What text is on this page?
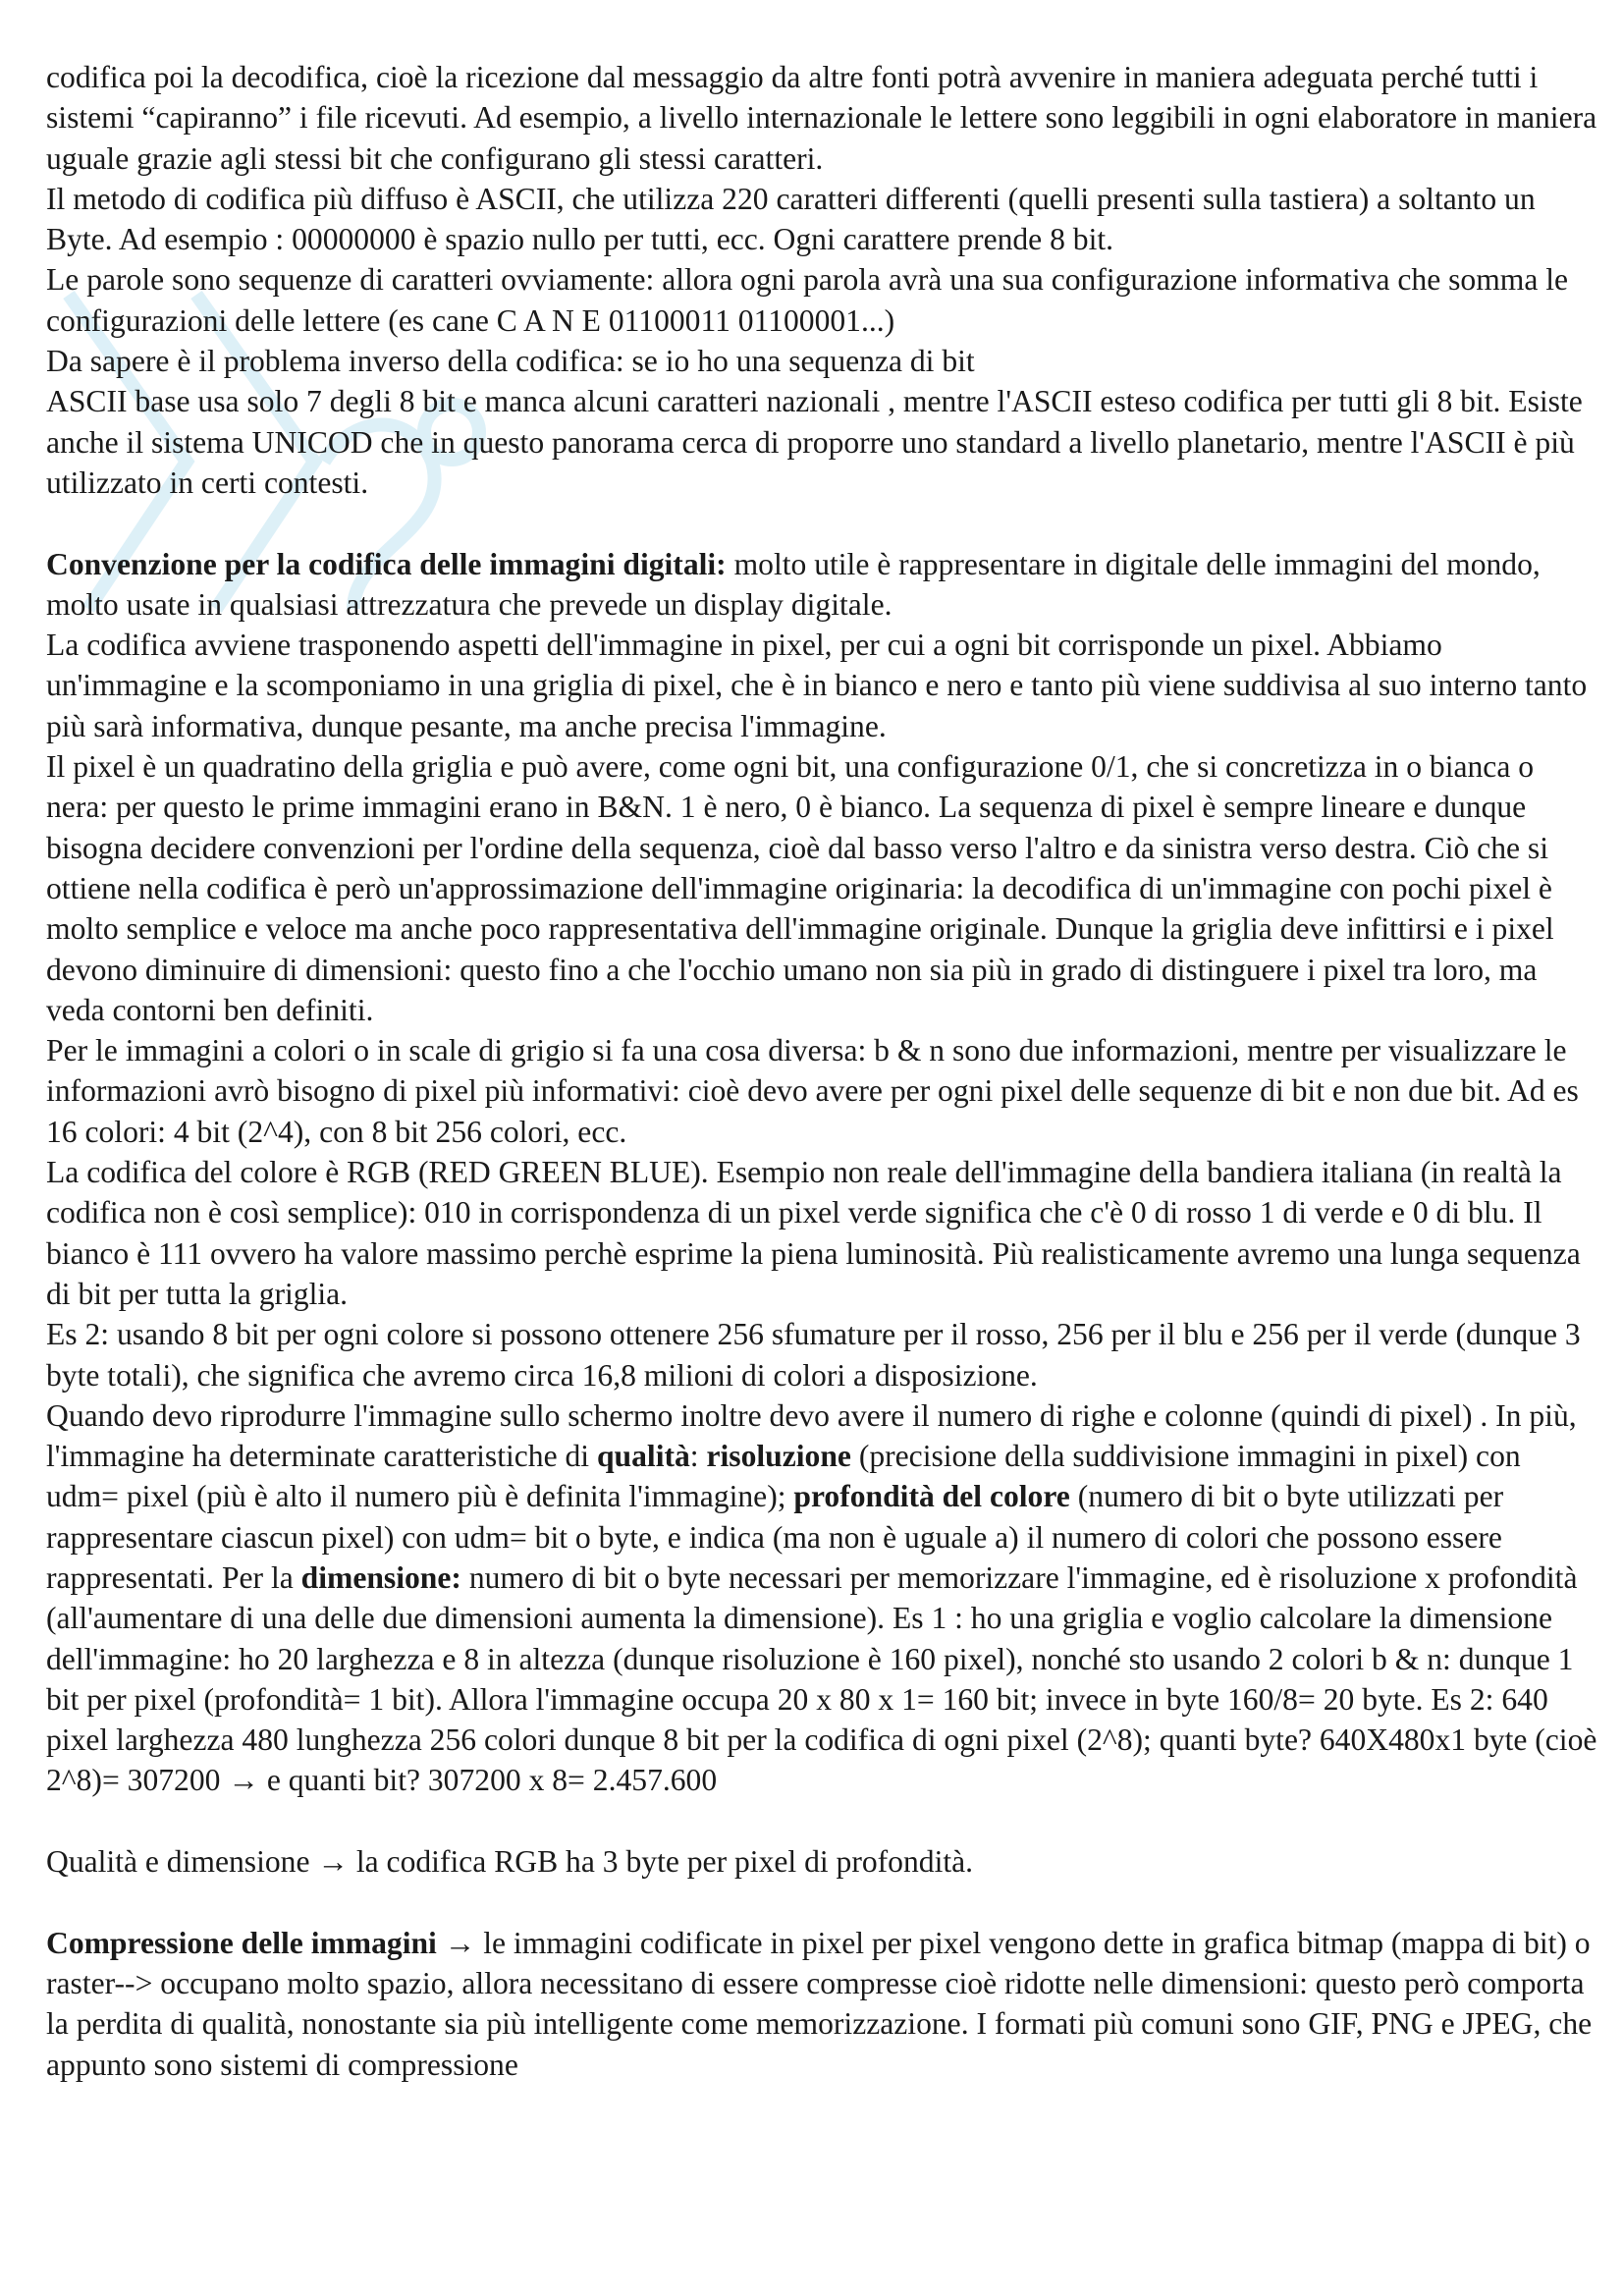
codifica poi la decodifica, cioè la ricezione dal messaggio da altre fonti potrà avvenire in maniera adeguata perché tutti i sistemi “capiranno” i file ricevuti. Ad esempio, a livello internazionale le lettere sono leggibili in ogni elaboratore in maniera uguale grazie agli stessi bit che configurano gli stessi caratteri.

Il metodo di codifica più diffuso è ASCII, che utilizza 220 caratteri differenti (quelli presenti sulla tastiera) a soltanto un Byte. Ad esempio : 00000000 è spazio nullo per tutti, ecc. Ogni carattere prende 8 bit.

Le parole sono sequenze di caratteri ovviamente: allora ogni parola avrà una sua configurazione informativa che somma le configurazioni delle lettere (es cane C A N E 01100011 01100001...)

Da sapere è il problema inverso della codifica: se io ho una sequenza di bit

ASCII base usa solo 7 degli 8 bit e manca alcuni caratteri nazionali , mentre l'ASCII esteso codifica per tutti gli 8 bit. Esiste anche il sistema UNICOD che in questo panorama cerca di proporre uno standard a livello planetario, mentre l'ASCII è più utilizzato in certi contesti.

Convenzione per la codifica delle immagini digitali: molto utile è rappresentare in digitale delle immagini del mondo, molto usate in qualsiasi attrezzatura che prevede un display digitale.

La codifica avviene trasponendo aspetti dell'immagine in pixel, per cui a ogni bit corrisponde un pixel. Abbiamo un'immagine e la scomponiamo in una griglia di pixel, che è in bianco e nero e tanto più viene suddivisa al suo interno tanto più sarà informativa, dunque pesante, ma anche precisa l'immagine.

Il pixel è un quadratino della griglia e può avere, come ogni bit, una configurazione 0/1, che si concretizza in o bianca o nera: per questo le prime immagini erano in B&N. 1 è nero, 0 è bianco. La sequenza di pixel è sempre lineare e dunque bisogna decidere convenzioni per l'ordine della sequenza, cioè dal basso verso l'altro e da sinistra verso destra. Ciò che si ottiene nella codifica è però un'approssimazione dell'immagine originaria: la decodifica di un'immagine con pochi pixel è molto semplice e veloce ma anche poco rappresentativa dell'immagine originale. Dunque la griglia deve infittirsi e i pixel devono diminuire di dimensioni: questo fino a che l'occhio umano non sia più in grado di distinguere i pixel tra loro, ma veda contorni ben definiti.

Per le immagini a colori o in scale di grigio si fa una cosa diversa: b & n sono due informazioni, mentre per visualizzare le informazioni avrò bisogno di pixel più informativi: cioè devo avere per ogni pixel delle sequenze di bit e non due bit. Ad es 16 colori: 4 bit (2^4), con 8 bit 256 colori, ecc.

La codifica del colore è RGB (RED GREEN BLUE). Esempio non reale dell'immagine della bandiera italiana (in realtà la codifica non è così semplice): 010 in corrispondenza di un pixel verde significa che c'è 0 di rosso 1 di verde e 0 di blu. Il bianco è 111 ovvero ha valore massimo perchè esprime la piena luminosità. Più realisticamente avremo una lunga sequenza di bit per tutta la griglia.

Es 2: usando 8 bit per ogni colore si possono ottenere 256 sfumature per il rosso, 256 per il blu e 256 per il verde (dunque 3 byte totali), che significa che avremo circa 16,8 milioni di colori a disposizione.

Quando devo riprodurre l'immagine sullo schermo inoltre devo avere il numero di righe e colonne (quindi di pixel) . In più, l'immagine ha determinate caratteristiche di qualità: risoluzione (precisione della suddivisione immagini in pixel) con udm= pixel (più è alto il numero più è definita l'immagine); profondità del colore (numero di bit o byte utilizzati per rappresentare ciascun pixel) con udm= bit o byte, e indica (ma non è uguale a) il numero di colori che possono essere rappresentati. Per la dimensione: numero di bit o byte necessari per memorizzare l'immagine, ed è risoluzione x profondità (all'aumentare di una delle due dimensioni aumenta la dimensione). Es 1 : ho una griglia e voglio calcolare la dimensione dell'immagine: ho 20 larghezza e 8 in altezza (dunque risoluzione è 160 pixel), nonché sto usando 2 colori b & n: dunque 1 bit per pixel (profondità= 1 bit). Allora l'immagine occupa 20 x 80 x 1= 160 bit; invece in byte 160/8= 20 byte. Es 2: 640 pixel larghezza 480 lunghezza 256 colori dunque 8 bit per la codifica di ogni pixel (2^8); quanti byte? 640X480x1 byte (cioè 2^8)= 307200 → e quanti bit? 307200 x 8= 2.457.600

Qualità e dimensione → la codifica RGB ha 3 byte per pixel di profondità.

Compressione delle immagini → le immagini codificate in pixel per pixel vengono dette in grafica bitmap (mappa di bit) o raster--> occupano molto spazio, allora necessitano di essere compresse cioè ridotte nelle dimensioni: questo però comporta la perdita di qualità, nonostante sia più intelligente come memorizzazione. I formati più comuni sono GIF, PNG e JPEG, che appunto sono sistemi di compressione
